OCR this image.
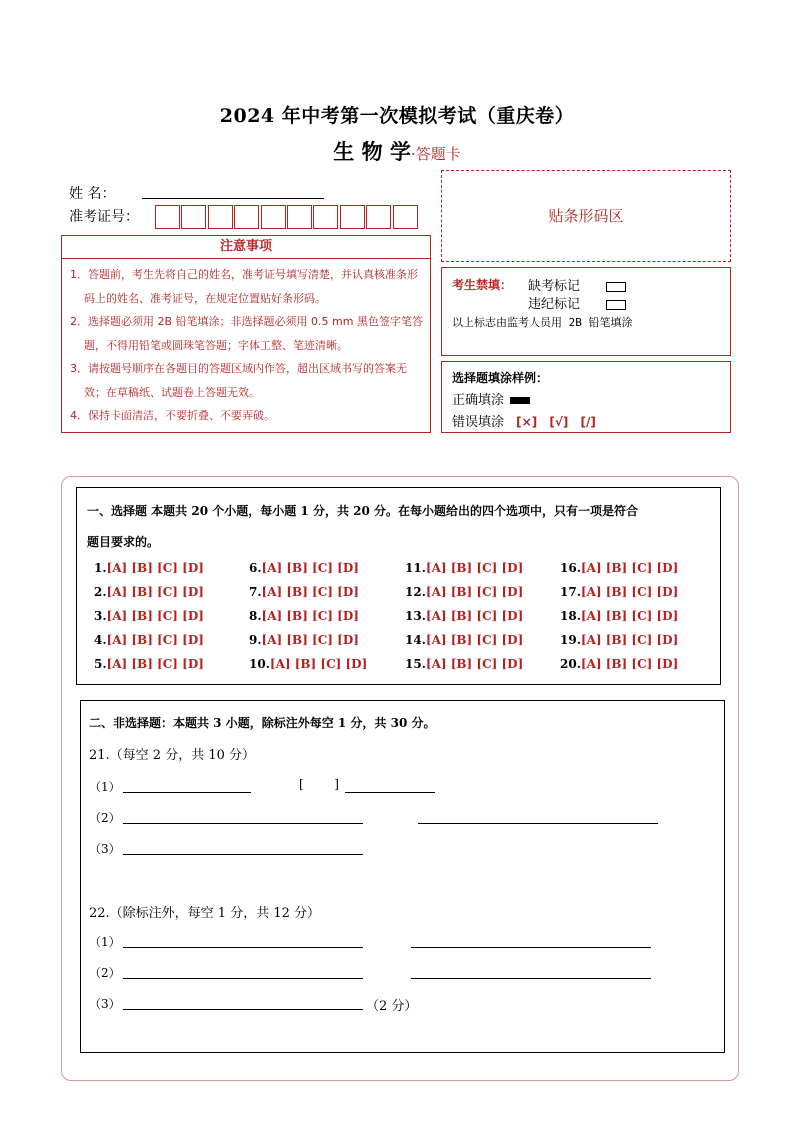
2024 年中考第一次模拟考试（重庆卷）
生 物 学·答题卡
姓 名：
准考证号：
注意事项

1．答题前，考生先将自己的姓名，准考证号填写清楚，并认真核准条形码上的姓名、准考证号，在规定位置贴好条形码。

2．选择题必须用 2B 铅笔填涂；非选择题必须用 0.5 mm 黑色签字笔答题，不得用铅笔或圆珠笔答题；字体工整、笔迹清晰。

3．请按题号顺序在各题目的答题区域内作答，超出区域书写的答案无效；在草稿纸、试题卷上答题无效。

4．保持卡面清洁，不要折叠、不要弄破。

贴条形码区
考生禁填： 缺考标记
违纪标记
以上标志由监考人员用 2B 铅笔填涂
选择题填涂样例：
正确填涂
错误填涂 [×] [√] [/]
一、选择题 本题共 20 个小题，每小题 1 分，共 20 分。在每小题给出的四个选项中，只有一项是符合
题目要求的。
1.[A] [B] [C] [D]
2.[A] [B] [C] [D]
3.[A] [B] [C] [D]
4.[A] [B] [C] [D]
5.[A] [B] [C] [D]
6.[A] [B] [C] [D]
7.[A] [B] [C] [D]
8.[A] [B] [C] [D]
9.[A] [B] [C] [D]
10.[A] [B] [C] [D]
11.[A] [B] [C] [D]
12.[A] [B] [C] [D]
13.[A] [B] [C] [D]
14.[A] [B] [C] [D]
15.[A] [B] [C] [D]
16.[A] [B] [C] [D]
17.[A] [B] [C] [D]
18.[A] [B] [C] [D]
19.[A] [B] [C] [D]
20.[A] [B] [C] [D]
二、非选择题：本题共 3 小题，除标注外每空 1 分，共 30 分。
21.（每空 2 分，共 10 分）
（1）	[        ]
（2）
（3）
22.（除标注外，每空 1 分，共 12 分）
（1）
（2）
（3）	（2 分）
